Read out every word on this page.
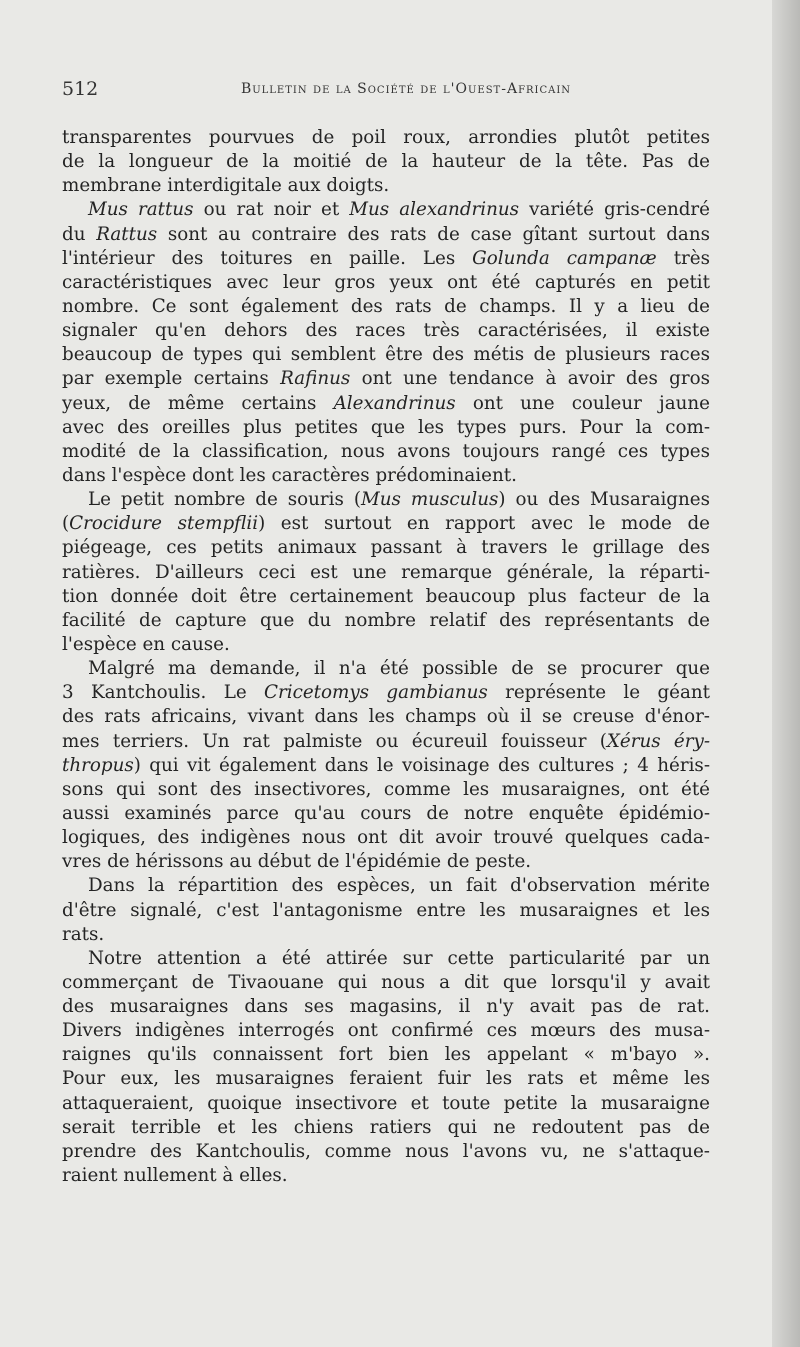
512	Bulletin de la Société de l'Ouest-Africain
transparentes pourvues de poil roux, arrondies plutôt petites
de la longueur de la moitié de la hauteur de la tête. Pas de
membrane interdigitale aux doigts.
Mus rattus ou rat noir et Mus alexandrinus variété gris-cendré
du Rattus sont au contraire des rats de case gîtant surtout dans
l'intérieur des toitures en paille. Les Golunda campanæ très
caractéristiques avec leur gros yeux ont été capturés en petit
nombre. Ce sont également des rats de champs. Il y a lieu de
signaler qu'en dehors des races très caractérisées, il existe
beaucoup de types qui semblent être des métis de plusieurs races
par exemple certains Rafinus ont une tendance à avoir des gros
yeux, de même certains Alexandrinus ont une couleur jaune
avec des oreilles plus petites que les types purs. Pour la com-
modité de la classification, nous avons toujours rangé ces types
dans l'espèce dont les caractères prédominaient.
Le petit nombre de souris (Mus musculus) ou des Musaraignes
(Crocidure stempflii) est surtout en rapport avec le mode de
piégeage, ces petits animaux passant à travers le grillage des
ratières. D'ailleurs ceci est une remarque générale, la réparti-
tion donnée doit être certainement beaucoup plus facteur de la
facilité de capture que du nombre relatif des représentants de
l'espèce en cause.
Malgré ma demande, il n'a été possible de se procurer que
3 Kantchoulis. Le Cricetomys gambianus représente le géant
des rats africains, vivant dans les champs où il se creuse d'énor-
mes terriers. Un rat palmiste ou écureuil fouisseur (Xérus éry-
thropus) qui vit également dans le voisinage des cultures ; 4 héris-
sons qui sont des insectivores, comme les musaraignes, ont été
aussi examinés parce qu'au cours de notre enquête épidémio-
logiques, des indigènes nous ont dit avoir trouvé quelques cada-
vres de hérissons au début de l'épidémie de peste.
Dans la répartition des espèces, un fait d'observation mérite
d'être signalé, c'est l'antagonisme entre les musaraignes et les
rats.
Notre attention a été attirée sur cette particularité par un
commerçant de Tivaouane qui nous a dit que lorsqu'il y avait
des musaraignes dans ses magasins, il n'y avait pas de rat.
Divers indigènes interrogés ont confirmé ces mœurs des musa-
raignes qu'ils connaissent fort bien les appelant « m'bayo ».
Pour eux, les musaraignes feraient fuir les rats et même les
attaqueraient, quoique insectivore et toute petite la musaraigne
serait terrible et les chiens ratiers qui ne redoutent pas de
prendre des Kantchoulis, comme nous l'avons vu, ne s'attaque-
raient nullement à elles.
